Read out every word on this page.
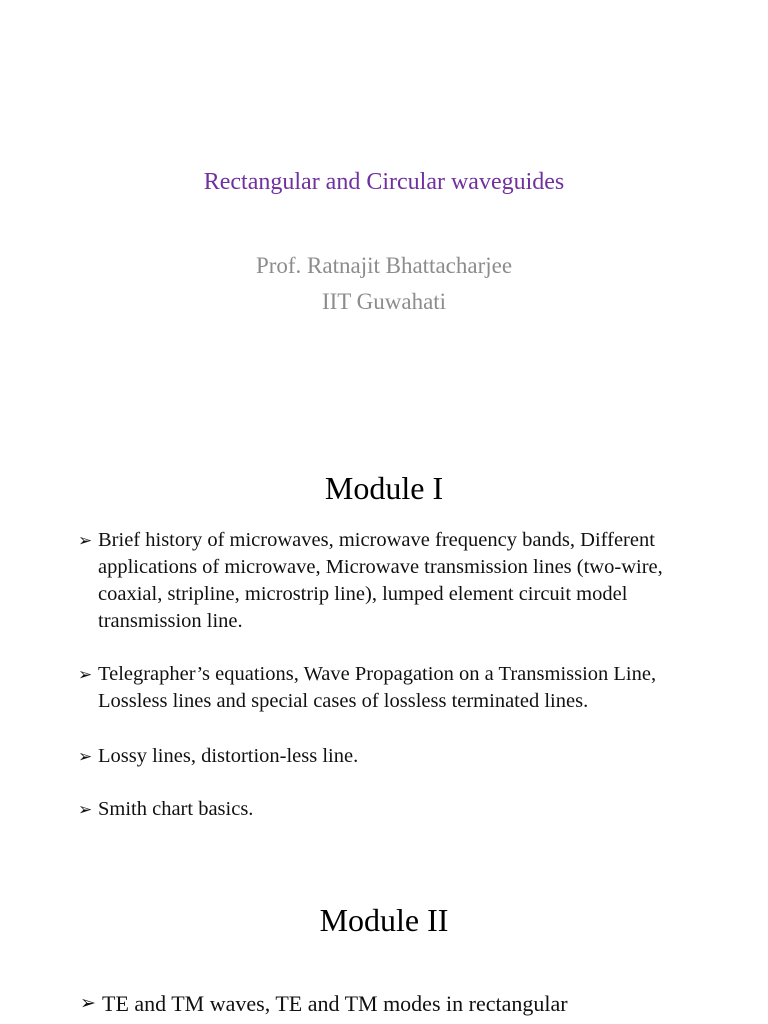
Rectangular and Circular waveguides
Prof. Ratnajit Bhattacharjee
IIT Guwahati
Module I
➢ Brief history of microwaves, microwave frequency bands, Different applications of microwave, Microwave transmission lines (two-wire, coaxial, stripline, microstrip line), lumped element circuit model transmission line.
➢ Telegrapher’s equations, Wave Propagation on a Transmission Line, Lossless lines and special cases of lossless terminated lines.
➢ Lossy lines, distortion-less line.
➢ Smith chart basics.
Module II
➢ TE and TM waves, TE and TM modes in rectangular
